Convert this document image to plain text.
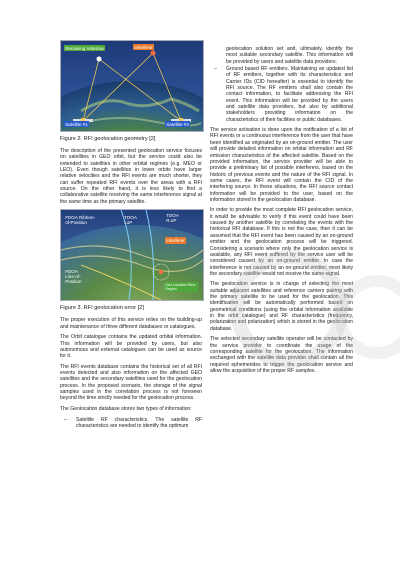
Receiving Antenna	Interferer
Satellite #1	Satellite #2

Figure 2. RFI geolocation geometry [2]

The description of the presented geolocation service focuses on satellites in GEO orbit, but the service could also be extended to satellites in other orbital regimes (e.g. MEO or LEO). Even though satellites in lower orbits have larger relative velocities and the RFI events are much shorter, they can suffer repeated RFI events over the areas with a RFI source. On the other hand, it is less likely to find a collaborative satellite receiving the same interference signal at the same time as the primary satellite.

FDOA Ribbon-of-Position
TDOA LoP
TDOA R.oP
Interferer
FDOA Line-of-Position
Geo Location Error Region

Figure 3. RFI geolocation error [2]

The proper execution of this service relies on the building-up and maintenance of three different databases or catalogues.

The Orbit catalogue contains the updated orbital information. This information will be provided by users, but also autonomous and external catalogues can be used as source for it.

The RFI events database contains the historical set of all RFI events detected and also information on the affected GEO satellites and the secondary satellites used for the geolocation process. In the proposed scenario, the storage of the signal samples used in the correlation process is not foreseen beyond the time strictly needed for the geolocation process.

The Geolocation database stores two types of information:

– Satellite RF characteristics. The satellite RF characteristics are needed to identify the optimum
geolocation solution set and, ultimately, identify the most suitable secondary satellite. This information will be provided by users and satellite data providers.
– Ground based RF emitters. Maintaining an updated list of RF emitters, together with its characteristics and Carrier IDs (CID hereafter) is essential to identify the RFI source. The RF emitters shall also contain the contact information, to facilitate addressing the RFI event. This information will be provided by the users and satellite data providers, but also by additional stakeholders providing information on the characteristics of their facilities or public databases.

The service activation is done upon the notification of a list of RFI events or a continuous interference from the user that have been identified as originated by an on-ground emitter. The user will provide detailed information on orbital information and RF emission characteristics of the affected satellite. Based on the provided information, the service provider will be able to provide a preliminary list of possible interferers, based on the historic of previous events and the nature of the RFI signal. In some cases, the RFI event will contain the CID of the interfering source. In these situations, the RFI source contact information will be provided to the user, based on the information stored in the geolocation database.

In order to provide the most complete RFI geolocation service, it would be advisable to verify if this event could have been caused by another satellite by correlating the events with the historical RFI database. If this is not the case, then it can be assumed that the RFI event has been caused by an on-ground emitter and the geolocation process will be triggered. Considering a scenario where only the geolocation service is available, any RFI event suffered by the service user will be considered caused by an on-ground emitter. In case the interference is not caused by an on-ground emitter, most likely the secondary satellite would not receive the same signal.

The geolocation service is in charge of selecting the most suitable adjacent satellites and reference carriers pairing with the primary satellite to be used for the geolocation. This identification will be automatically performed based on geometrical conditions (using the orbital information available in the orbit catalogue) and RF characteristics (frequency, polarization and polarization) which is stored in the geolocation database.

The selected secondary satellite operator will be contacted by the service provider to coordinate the usage of the corresponding satellite for the geolocation. The information exchanged with the satellite data provider shall contain all the required ephemerides to trigger the geolocation service and allow the acquisition of the proper RF samples.
